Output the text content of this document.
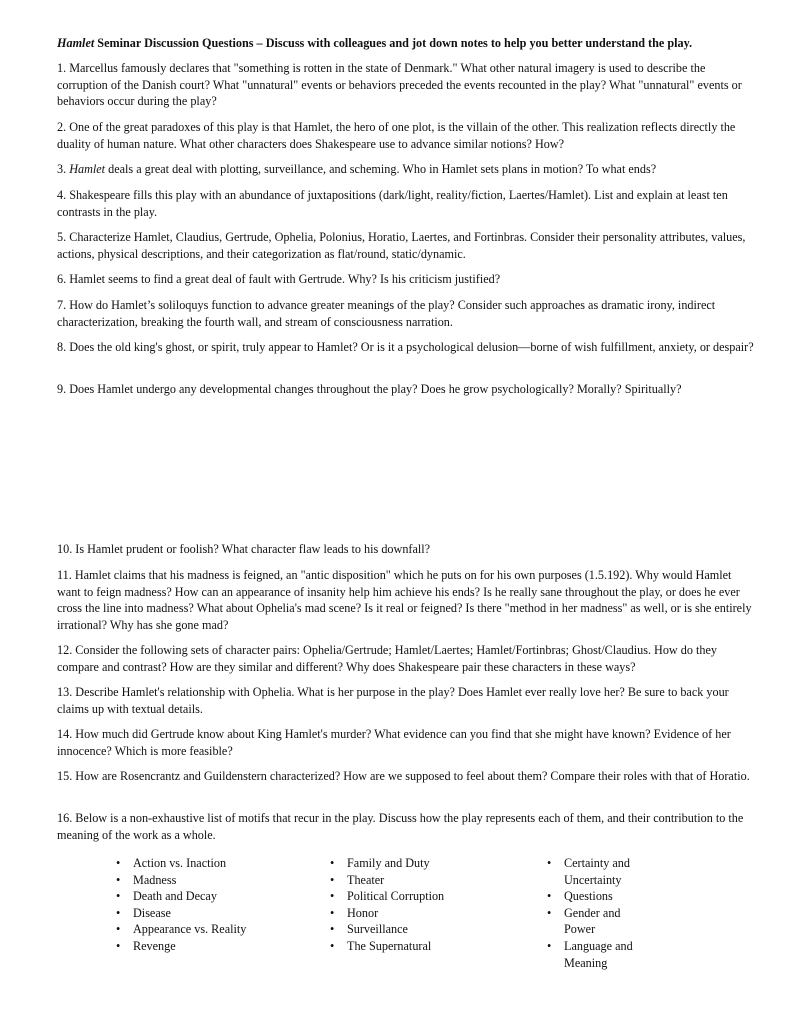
Hamlet Seminar Discussion Questions – Discuss with colleagues and jot down notes to help you better understand the play.

1. Marcellus famously declares that "something is rotten in the state of Denmark." What other natural imagery is used to describe the corruption of the Danish court? What "unnatural" events or behaviors preceded the events recounted in the play? What "unnatural" events or behaviors occur during the play?

2. One of the great paradoxes of this play is that Hamlet, the hero of one plot, is the villain of the other. This realization reflects directly the duality of human nature. What other characters does Shakespeare use to advance similar notions? How?

3. Hamlet deals a great deal with plotting, surveillance, and scheming. Who in Hamlet sets plans in motion? To what ends?

4. Shakespeare fills this play with an abundance of juxtapositions (dark/light, reality/fiction, Laertes/Hamlet). List and explain at least ten contrasts in the play.

5. Characterize Hamlet, Claudius, Gertrude, Ophelia, Polonius, Horatio, Laertes, and Fortinbras. Consider their personality attributes, values, actions, physical descriptions, and their categorization as flat/round, static/dynamic.

6. Hamlet seems to find a great deal of fault with Gertrude. Why? Is his criticism justified?

7. How do Hamlet’s soliloquys function to advance greater meanings of the play? Consider such approaches as dramatic irony, indirect characterization, breaking the fourth wall, and stream of consciousness narration.

8. Does the old king's ghost, or spirit, truly appear to Hamlet? Or is it a psychological delusion—borne of wish fulfillment, anxiety, or despair?

9. Does Hamlet undergo any developmental changes throughout the play? Does he grow psychologically? Morally? Spiritually?

10. Is Hamlet prudent or foolish? What character flaw leads to his downfall?

11. Hamlet claims that his madness is feigned, an "antic disposition" which he puts on for his own purposes (1.5.192). Why would Hamlet want to feign madness? How can an appearance of insanity help him achieve his ends? Is he really sane throughout the play, or does he ever cross the line into madness? What about Ophelia's mad scene? Is it real or feigned? Is there "method in her madness" as well, or is she entirely irrational? Why has she gone mad?

12. Consider the following sets of character pairs: Ophelia/Gertrude; Hamlet/Laertes; Hamlet/Fortinbras; Ghost/Claudius. How do they compare and contrast? How are they similar and different? Why does Shakespeare pair these characters in these ways?

13. Describe Hamlet's relationship with Ophelia. What is her purpose in the play? Does Hamlet ever really love her? Be sure to back your claims up with textual details.

14. How much did Gertrude know about King Hamlet's murder? What evidence can you find that she might have known? Evidence of her innocence? Which is more feasible?

15. How are Rosencrantz and Guildenstern characterized? How are we supposed to feel about them? Compare their roles with that of Horatio.

16. Below is a non-exhaustive list of motifs that recur in the play. Discuss how the play represents each of them, and their contribution to the meaning of the work as a whole.

• Action vs. Inaction
• Madness
• Death and Decay
• Disease
• Appearance vs. Reality
• Revenge
• Family and Duty
• Theater
• Political Corruption
• Honor
• Surveillance
• The Supernatural
• Certainty and Uncertainty
• Questions
• Gender and Power
• Language and Meaning
